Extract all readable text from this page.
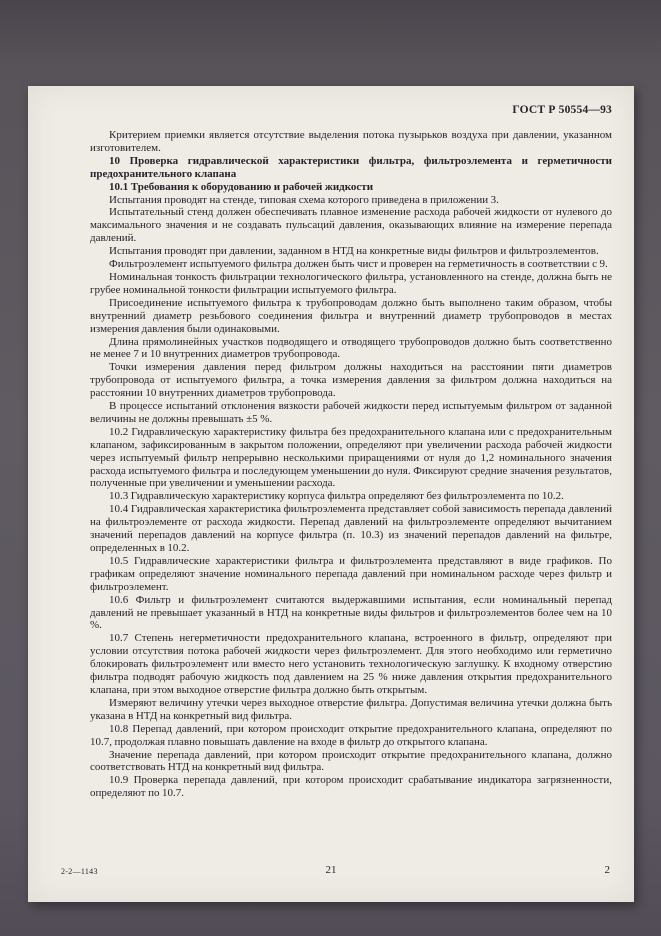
ГОСТ Р 50554—93

Критерием приемки является отсутствие выделения потока пузырьков воздуха при давлении, указанном изготовителем.

10 Проверка гидравлической характеристики фильтра, фильтроэлемента и герметичности предохранительного клапана

10.1 Требования к оборудованию и рабочей жидкости

Испытания проводят на стенде, типовая схема которого приведена в приложении 3.

Испытательный стенд должен обеспечивать плавное изменение расхода рабочей жидкости от нулевого до максимального значения и не создавать пульсаций давления, оказывающих влияние на измерение перепада давлений.

Испытания проводят при давлении, заданном в НТД на конкретные виды фильтров и фильтроэлементов.

Фильтроэлемент испытуемого фильтра должен быть чист и проверен на герметичность в соответствии с 9.

Номинальная тонкость фильтрации технологического фильтра, установленного на стенде, должна быть не грубее номинальной тонкости фильтрации испытуемого фильтра.

Присоединение испытуемого фильтра к трубопроводам должно быть выполнено таким образом, чтобы внутренний диаметр резьбового соединения фильтра и внутренний диаметр трубопроводов в местах измерения давления были одинаковыми.

Длина прямолинейных участков подводящего и отводящего трубопроводов должно быть соответственно не менее 7 и 10 внутренних диаметров трубопровода.

Точки измерения давления перед фильтром должны находиться на расстоянии пяти диаметров трубопровода от испытуемого фильтра, а точка измерения давления за фильтром должна находиться на расстоянии 10 внутренних диаметров трубопровода.

В процессе испытаний отклонения вязкости рабочей жидкости перед испытуемым фильтром от заданной величины не должны превышать ±5 %.

10.2 Гидравлическую характеристику фильтра без предохранительного клапана или с предохранительным клапаном, зафиксированным в закрытом положении, определяют при увеличении расхода рабочей жидкости через испытуемый фильтр непрерывно несколькими приращениями от нуля до 1,2 номинального значения расхода испытуемого фильтра и последующем уменьшении до нуля. Фиксируют средние значения результатов, полученные при увеличении и уменьшении расхода.

10.3 Гидравлическую характеристику корпуса фильтра определяют без фильтроэлемента по 10.2.

10.4 Гидравлическая характеристика фильтроэлемента представляет собой зависимость перепада давлений на фильтроэлементе от расхода жидкости. Перепад давлений на фильтроэлементе определяют вычитанием значений перепадов давлений на корпусе фильтра (п. 10.3) из значений перепадов давлений на фильтре, определенных в 10.2.

10.5 Гидравлические характеристики фильтра и фильтроэлемента представляют в виде графиков. По графикам определяют значение номинального перепада давлений при номинальном расходе через фильтр и фильтроэлемент.

10.6 Фильтр и фильтроэлемент считаются выдержавшими испытания, если номинальный перепад давлений не превышает указанный в НТД на конкретные виды фильтров и фильтроэлементов более чем на 10 %.

10.7 Степень негерметичности предохранительного клапана, встроенного в фильтр, определяют при условии отсутствия потока рабочей жидкости через фильтроэлемент. Для этого необходимо или герметично блокировать фильтроэлемент или вместо него установить технологическую заглушку. К входному отверстию фильтра подводят рабочую жидкость под давлением на 25 % ниже давления открытия предохранительного клапана, при этом выходное отверстие фильтра должно быть открытым.

Измеряют величину утечки через выходное отверстие фильтра. Допустимая величина утечки должна быть указана в НТД на конкретный вид фильтра.

10.8 Перепад давлений, при котором происходит открытие предохранительного клапана, определяют по 10.7, продолжая плавно повышать давление на входе в фильтр до открытого клапана.

Значение перепада давлений, при котором происходит открытие предохранительного клапана, должно соответствовать НТД на конкретный вид фильтра.

10.9 Проверка перепада давлений, при котором происходит срабатывание индикатора загрязненности, определяют по 10.7.

2-2—1143	21	2
